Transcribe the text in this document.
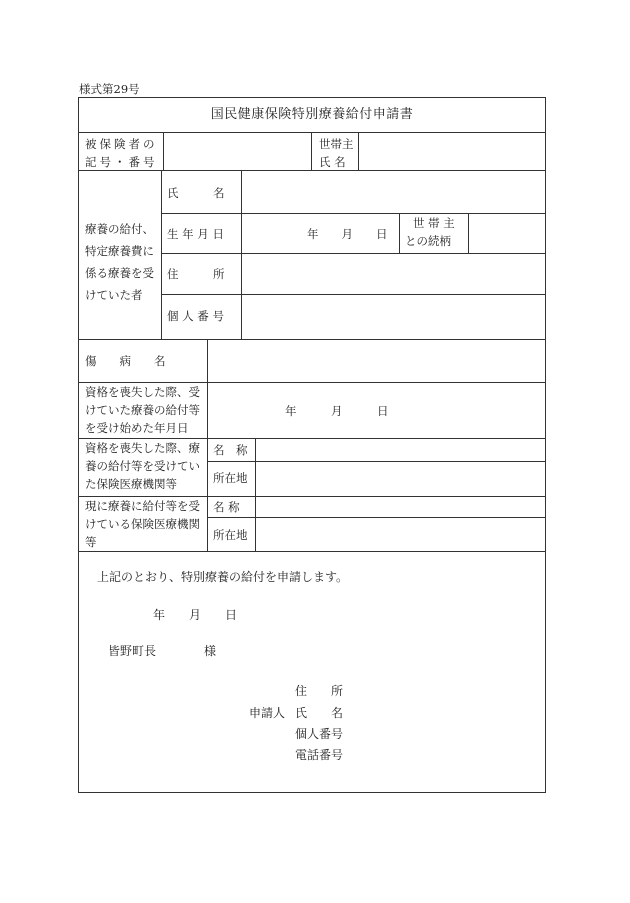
様式第29号
国民健康保険特別療養給付申請書
被保険者の
記号・番号
世帯主
氏 名
療養の給付、
特定療養費に
係る療養を受
けていた者
氏　　　名
生 年 月 日	年　　月　　日
世 帯 主
との続柄
住　　　所
個 人 番 号
傷　　病　　名
資格を喪失した際、受
けていた療養の給付等
を受け始めた年月日
年　　　月　　　日
資格を喪失した際、療
養の給付等を受けてい
た保険医療機関等
名　称
所在地
現に療養に給付等を受
けている保険医療機関
等
名 称
所在地
上記のとおり、特別療養の給付を申請します。
年　　月　　日
皆野町長　　　　様
住　　所
申請人 氏　　名
個人番号
電話番号
